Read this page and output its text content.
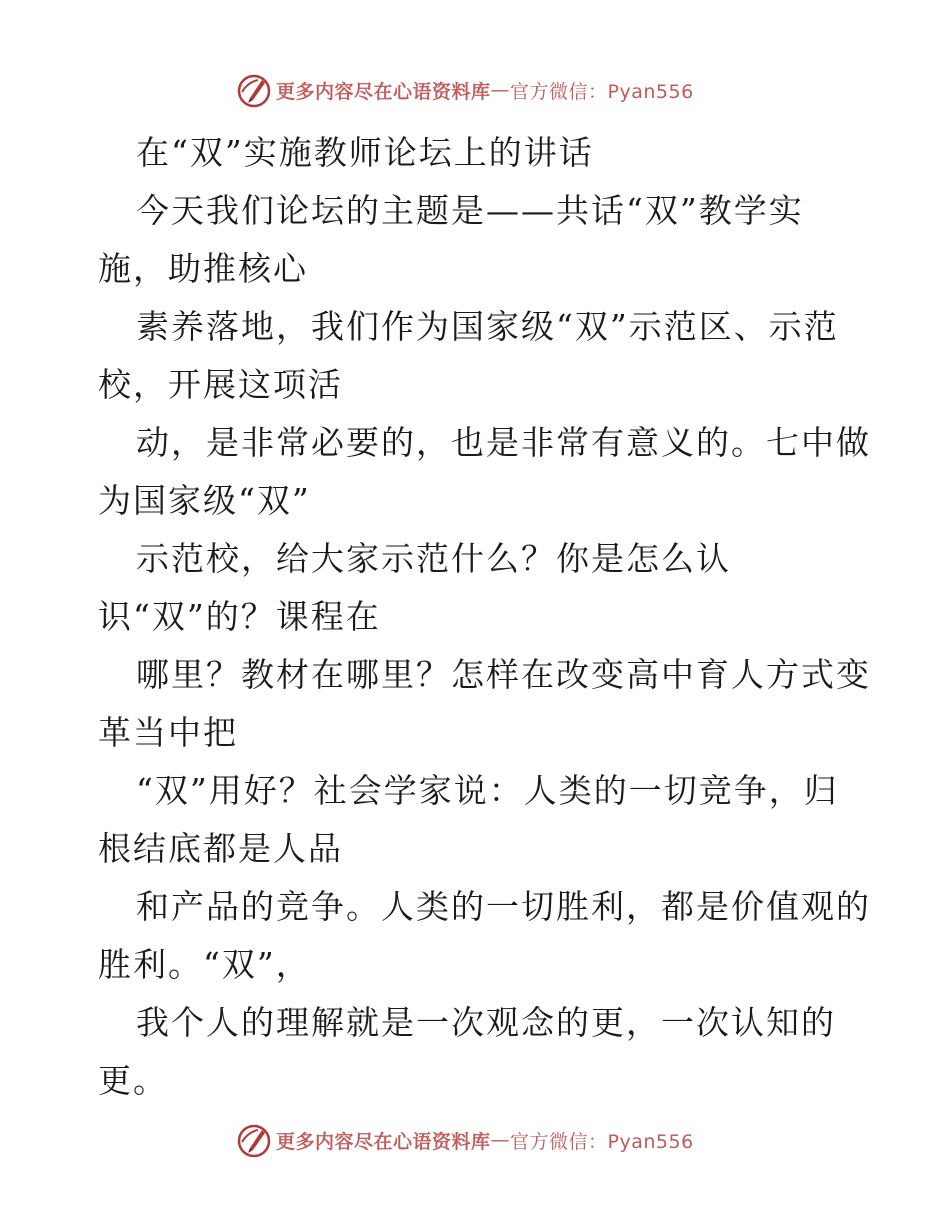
更多内容尽在心语资料库 — 官方微信：Pyan556
在“双”实施教师论坛上的讲话
今天我们论坛的主题是——共话“双”教学实
施，助推核心
素养落地，我们作为国家级“双”示范区、示范
校，开展这项活
动，是非常必要的，也是非常有意义的。七中做
为国家级“双”
示范校，给大家示范什么？你是怎么认
识“双”的？课程在
哪里？教材在哪里？怎样在改变高中育人方式变
革当中把
“双”用好？社会学家说：人类的一切竞争，归
根结底都是人品
和产品的竞争。人类的一切胜利，都是价值观的
胜利。“双”，
我个人的理解就是一次观念的更，一次认知的
更。
更多内容尽在心语资料库 — 官方微信：Pyan556
